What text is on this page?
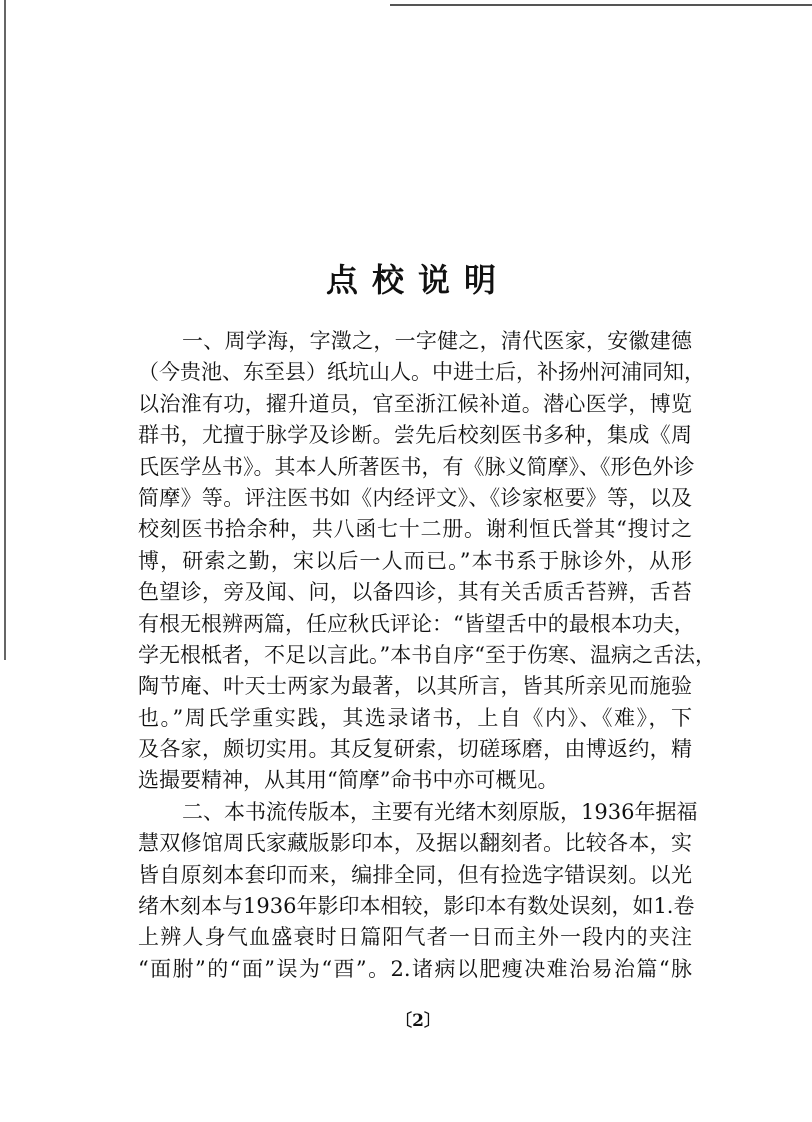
点校说明
一、周学海，字澂之，一字健之，清代医家，安徽建德
（今贵池、东至县）纸坑山人。中进士后，补扬州河浦同知，
以治淮有功，擢升道员，官至浙江候补道。潜心医学，博览
群书，尤擅于脉学及诊断。尝先后校刻医书多种，集成《周
氏医学丛书》。其本人所著医书，有《脉义简摩》、《形色外诊
简摩》等。评注医书如《内经评文》、《诊家枢要》等，以及
校刻医书拾余种，共八函七十二册。谢利恒氏誉其“搜讨之
博，研索之勤，宋以后一人而已。”本书系于脉诊外，从形
色望诊，旁及闻、问，以备四诊，其有关舌质舌苔辨，舌苔
有根无根辨两篇，任应秋氏评论：“皆望舌中的最根本功夫，
学无根柢者，不足以言此。”本书自序“至于伤寒、温病之舌法，
陶节庵、叶天士两家为最著，以其所言，皆其所亲见而施验
也。”周氏学重实践，其选录诸书，上自《内》、《难》，下
及各家，颇切实用。其反复研索，切磋琢磨，由博返约，精
选撮要精神，从其用“简摩”命书中亦可概见。
二、本书流传版本，主要有光绪木刻原版，1936年据福
慧双修馆周氏家藏版影印本，及据以翻刻者。比较各本，实
皆自原刻本套印而来，编排全同，但有捡选字错误刻。以光
绪木刻本与1936年影印本相较，影印本有数处误刻，如1.卷
上辨人身气血盛衰时日篇阳气者一日而主外一段内的夹注
“面胕”的“面”误为“酉”。2.诸病以肥瘦决难治易治篇“脉
〔2〕
